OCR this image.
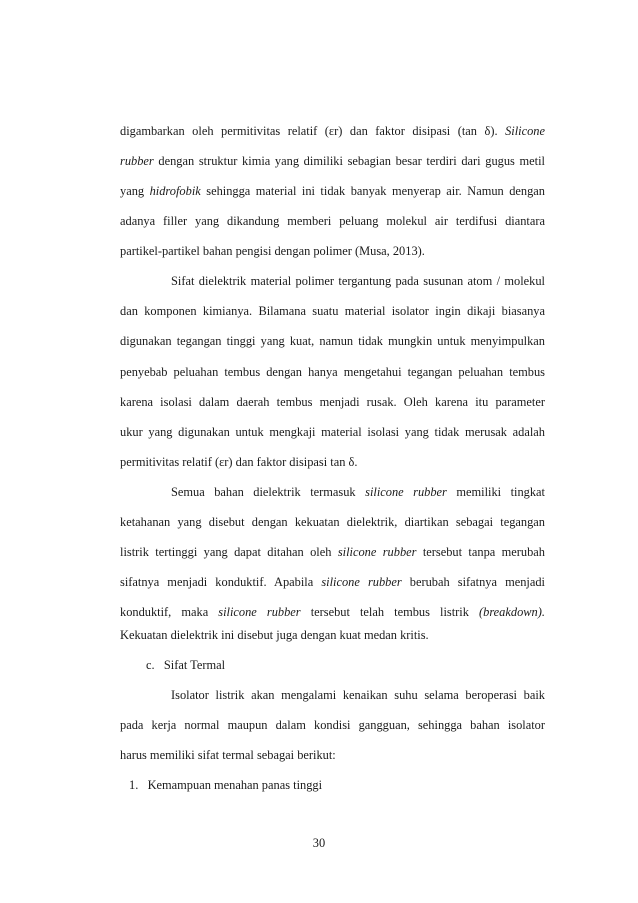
digambarkan oleh permitivitas relatif (εr) dan faktor disipasi (tan δ). Silicone
rubber dengan struktur kimia yang dimiliki sebagian besar terdiri dari gugus metil
yang hidrofobik sehingga material ini tidak banyak menyerap air. Namun dengan
adanya filler yang dikandung memberi peluang molekul air terdifusi diantara
partikel-partikel bahan pengisi dengan polimer (Musa, 2013).
Sifat dielektrik material polimer tergantung pada susunan atom / molekul
dan komponen kimianya. Bilamana suatu material isolator ingin dikaji biasanya
digunakan tegangan tinggi yang kuat, namun tidak mungkin untuk menyimpulkan
penyebab peluahan tembus dengan hanya mengetahui tegangan peluahan tembus
karena isolasi dalam daerah tembus menjadi rusak. Oleh karena itu parameter
ukur yang digunakan untuk mengkaji material isolasi yang tidak merusak adalah
permitivitas relatif (εr) dan faktor disipasi tan δ.
Semua bahan dielektrik termasuk silicone rubber memiliki tingkat
ketahanan yang disebut dengan kekuatan dielektrik, diartikan sebagai tegangan
listrik tertinggi yang dapat ditahan oleh silicone rubber tersebut tanpa merubah
sifatnya menjadi konduktif. Apabila silicone rubber berubah sifatnya menjadi
konduktif, maka silicone rubber tersebut telah tembus listrik (breakdown).
Kekuatan dielektrik ini disebut juga dengan kuat medan kritis.
c.   Sifat Termal
Isolator listrik akan mengalami kenaikan suhu selama beroperasi baik
pada kerja normal maupun dalam kondisi gangguan, sehingga bahan isolator
harus memiliki sifat termal sebagai berikut:
1.   Kemampuan menahan panas tinggi
30
